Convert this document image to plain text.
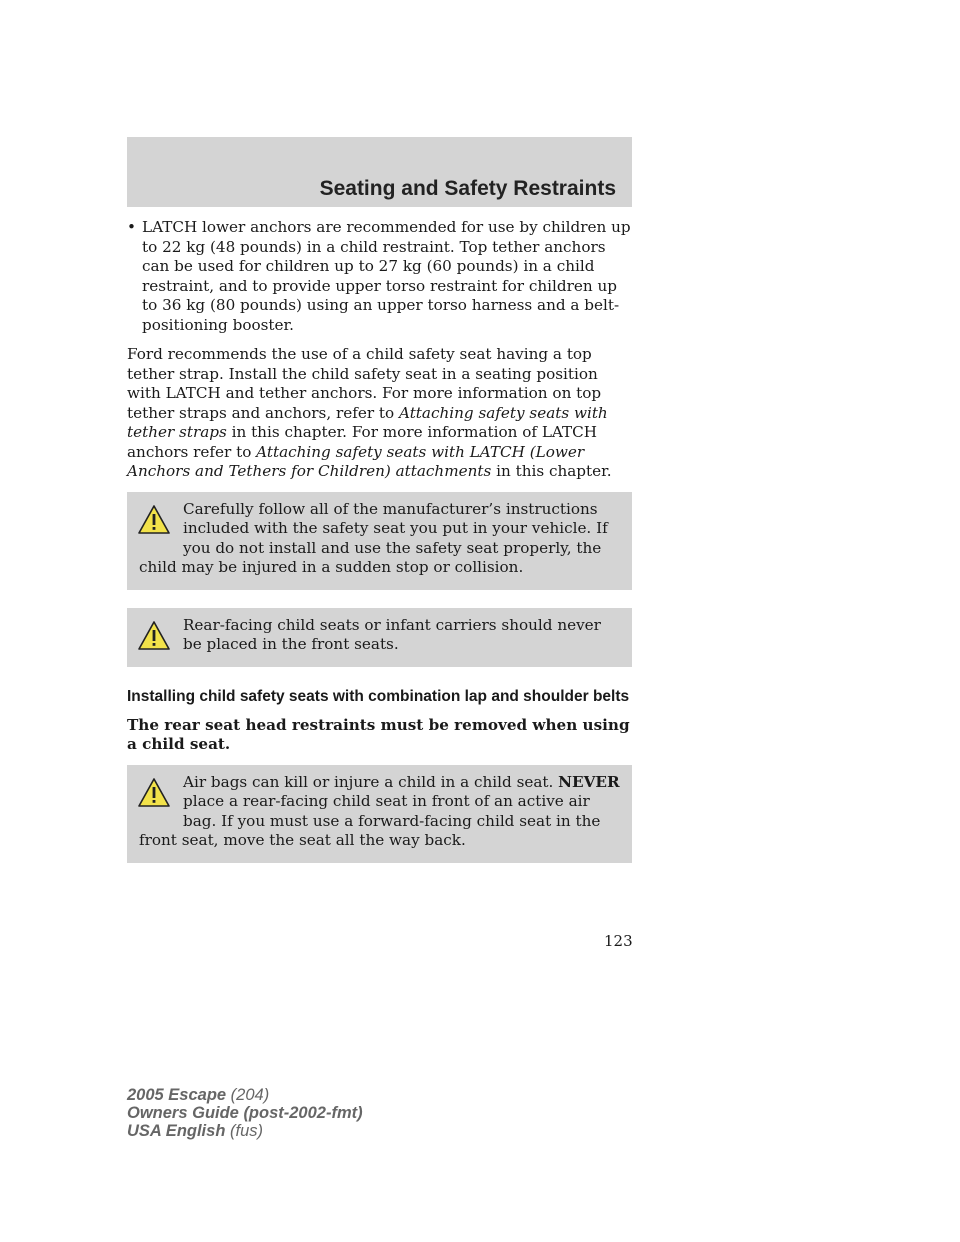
Seating and Safety Restraints
• LATCH lower anchors are recommended for use by children up to 22 kg (48 pounds) in a child restraint. Top tether anchors can be used for children up to 27 kg (60 pounds) in a child restraint, and to provide upper torso restraint for children up to 36 kg (80 pounds) using an upper torso harness and a belt-positioning booster.

Ford recommends the use of a child safety seat having a top tether strap. Install the child safety seat in a seating position with LATCH and tether anchors. For more information on top tether straps and anchors, refer to Attaching safety seats with tether straps in this chapter. For more information of LATCH anchors refer to Attaching safety seats with LATCH (Lower Anchors and Tethers for Children) attachments in this chapter.

Carefully follow all of the manufacturer’s instructions included with the safety seat you put in your vehicle. If you do not install and use the safety seat properly, the child may be injured in a sudden stop or collision.
Rear-facing child seats or infant carriers should never be placed in the front seats.
Installing child safety seats with combination lap and shoulder belts

The rear seat head restraints must be removed when using a child seat.

Air bags can kill or injure a child in a child seat. NEVER place a rear-facing child seat in front of an active air bag. If you must use a forward-facing child seat in the front seat, move the seat all the way back.
123
2005 Escape (204)
Owners Guide (post-2002-fmt)
USA English (fus)
